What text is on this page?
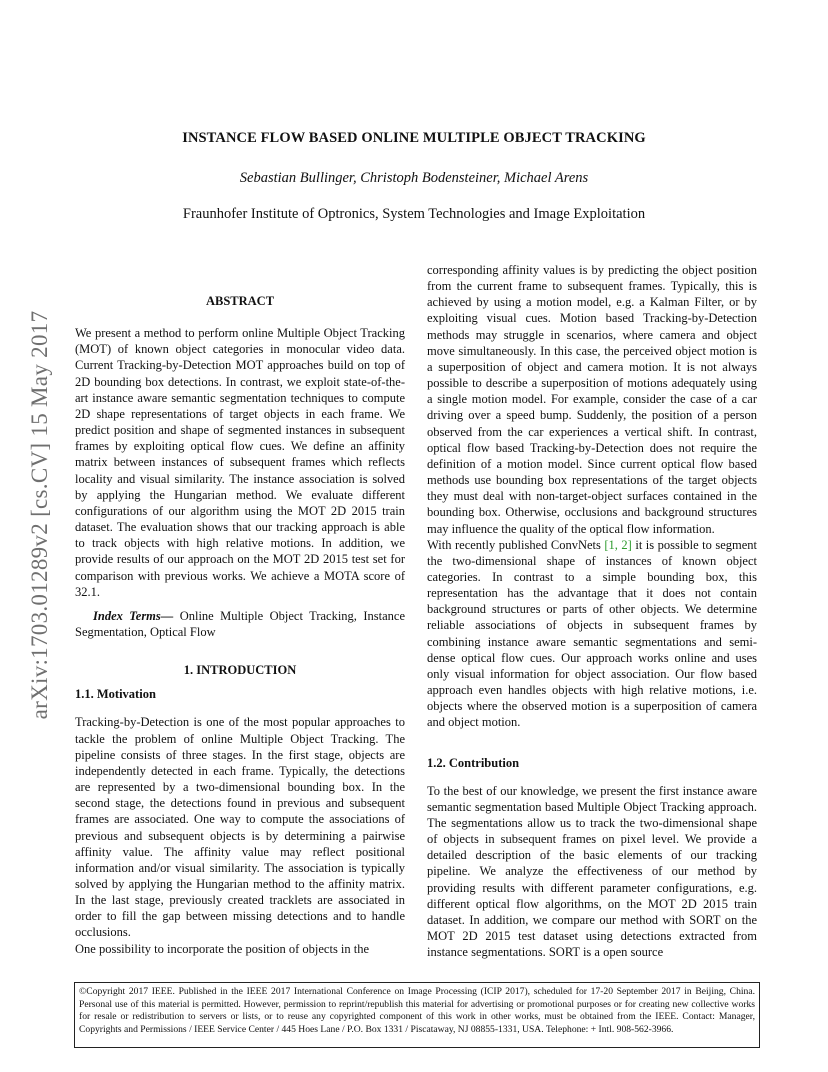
arXiv:1703.01289v2 [cs.CV] 15 May 2017
INSTANCE FLOW BASED ONLINE MULTIPLE OBJECT TRACKING
Sebastian Bullinger, Christoph Bodensteiner, Michael Arens
Fraunhofer Institute of Optronics, System Technologies and Image Exploitation

ABSTRACT

We present a method to perform online Multiple Object Tracking (MOT) of known object categories in monocular video data. Current Tracking-by-Detection MOT approaches build on top of 2D bounding box detections. In contrast, we exploit state-of-the-art instance aware semantic segmentation techniques to compute 2D shape representations of target objects in each frame. We predict position and shape of segmented instances in subsequent frames by exploiting optical flow cues. We define an affinity matrix between instances of subsequent frames which reflects locality and visual similarity. The instance association is solved by applying the Hungarian method. We evaluate different configurations of our algorithm using the MOT 2D 2015 train dataset. The evaluation shows that our tracking approach is able to track objects with high relative motions. In addition, we provide results of our approach on the MOT 2D 2015 test set for comparison with previous works. We achieve a MOTA score of 32.1.

Index Terms— Online Multiple Object Tracking, Instance Segmentation, Optical Flow

1. INTRODUCTION

1.1. Motivation

Tracking-by-Detection is one of the most popular approaches to tackle the problem of online Multiple Object Tracking. The pipeline consists of three stages. In the first stage, objects are independently detected in each frame. Typically, the detections are represented by a two-dimensional bounding box. In the second stage, the detections found in previous and subsequent frames are associated. One way to compute the associations of previous and subsequent objects is by determining a pairwise affinity value. The affinity value may reflect positional information and/or visual similarity. The association is typically solved by applying the Hungarian method to the affinity matrix. In the last stage, previously created tracklets are associated in order to fill the gap between missing detections and to handle occlusions.

One possibility to incorporate the position of objects in the

corresponding affinity values is by predicting the object position from the current frame to subsequent frames. Typically, this is achieved by using a motion model, e.g. a Kalman Filter, or by exploiting visual cues. Motion based Tracking-by-Detection methods may struggle in scenarios, where camera and object move simultaneously. In this case, the perceived object motion is a superposition of object and camera motion. It is not always possible to describe a superposition of motions adequately using a single motion model. For example, consider the case of a car driving over a speed bump. Suddenly, the position of a person observed from the car experiences a vertical shift. In contrast, optical flow based Tracking-by-Detection does not require the definition of a motion model. Since current optical flow based methods use bounding box representations of the target objects they must deal with non-target-object surfaces contained in the bounding box. Otherwise, occlusions and background structures may influence the quality of the optical flow information.

With recently published ConvNets [1, 2] it is possible to segment the two-dimensional shape of instances of known object categories. In contrast to a simple bounding box, this representation has the advantage that it does not contain background structures or parts of other objects. We determine reliable associations of objects in subsequent frames by combining instance aware semantic segmentations and semi-dense optical flow cues. Our approach works online and uses only visual information for object association. Our flow based approach even handles objects with high relative motions, i.e. objects where the observed motion is a superposition of camera and object motion.

1.2. Contribution

To the best of our knowledge, we present the first instance aware semantic segmentation based Multiple Object Tracking approach. The segmentations allow us to track the two-dimensional shape of objects in subsequent frames on pixel level. We provide a detailed description of the basic elements of our tracking pipeline. We analyze the effectiveness of our method by providing results with different parameter configurations, e.g. different optical flow algorithms, on the MOT 2D 2015 train dataset. In addition, we compare our method with SORT on the MOT 2D 2015 test dataset using detections extracted from instance segmentations. SORT is a open source

©Copyright 2017 IEEE. Published in the IEEE 2017 International Conference on Image Processing (ICIP 2017), scheduled for 17-20 September 2017 in Beijing, China. Personal use of this material is permitted. However, permission to reprint/republish this material for advertising or promotional purposes or for creating new collective works for resale or redistribution to servers or lists, or to reuse any copyrighted component of this work in other works, must be obtained from the IEEE. Contact: Manager, Copyrights and Permissions / IEEE Service Center / 445 Hoes Lane / P.O. Box 1331 / Piscataway, NJ 08855-1331, USA. Telephone: + Intl. 908-562-3966.
